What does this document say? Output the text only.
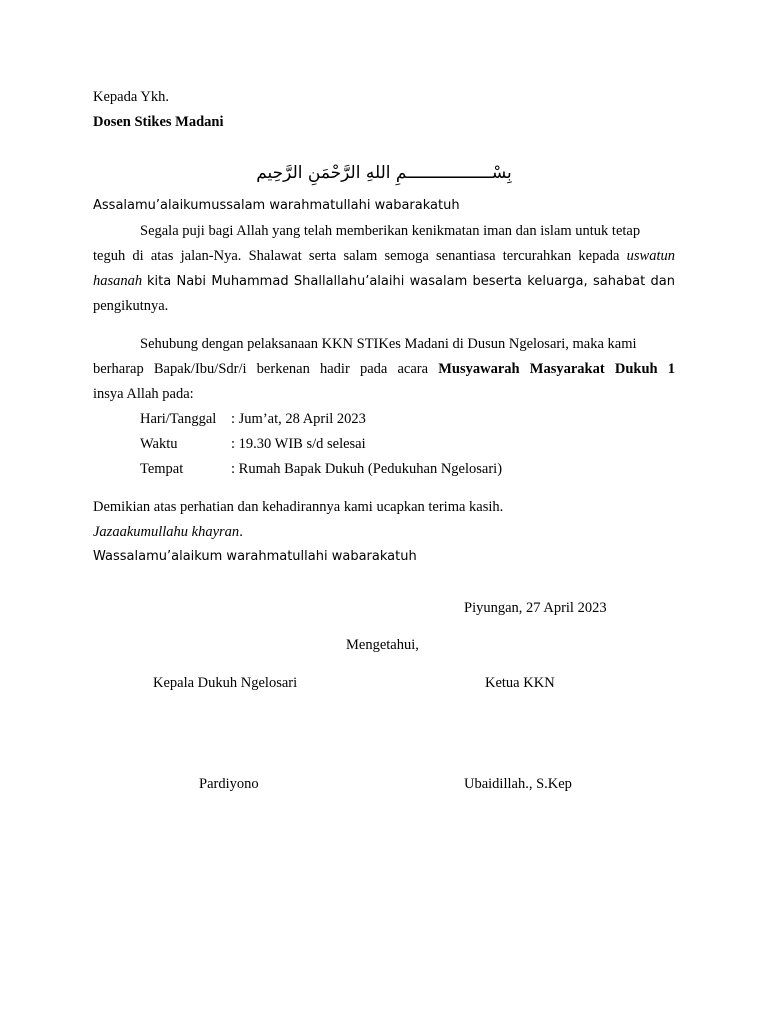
Kepada Ykh.
Dosen Stikes Madani
بِسْـــــــــــــــــمِ اللهِ الرَّحْمَنِ الرَّحِيم
Assalamu’alaikumussalam warahmatullahi wabarakatuh
Segala puji bagi Allah yang telah memberikan kenikmatan iman dan islam untuk tetap
teguh di atas jalan-Nya. Shalawat serta salam semoga senantiasa tercurahkan kepada uswatun
hasanah kita Nabi Muhammad Shallallahu’alaihi wasalam beserta keluarga, sahabat dan
pengikutnya.
Sehubung dengan pelaksanaan KKN STIKes Madani di Dusun Ngelosari, maka kami
berharap Bapak/Ibu/Sdr/i berkenan hadir pada acara Musyawarah Masyarakat Dukuh 1
insya Allah pada:
Hari/Tanggal : Jum’at, 28 April 2023
Waktu	: 19.30 WIB s/d selesai
Tempat	: Rumah Bapak Dukuh (Pedukuhan Ngelosari)
Demikian atas perhatian dan kehadirannya kami ucapkan terima kasih.
Jazaakumullahu khayran.
Wassalamu’alaikum warahmatullahi wabarakatuh
Piyungan, 27 April 2023
Mengetahui,
Kepala Dukuh Ngelosari	Ketua KKN
Pardiyono	Ubaidillah., S.Kep
